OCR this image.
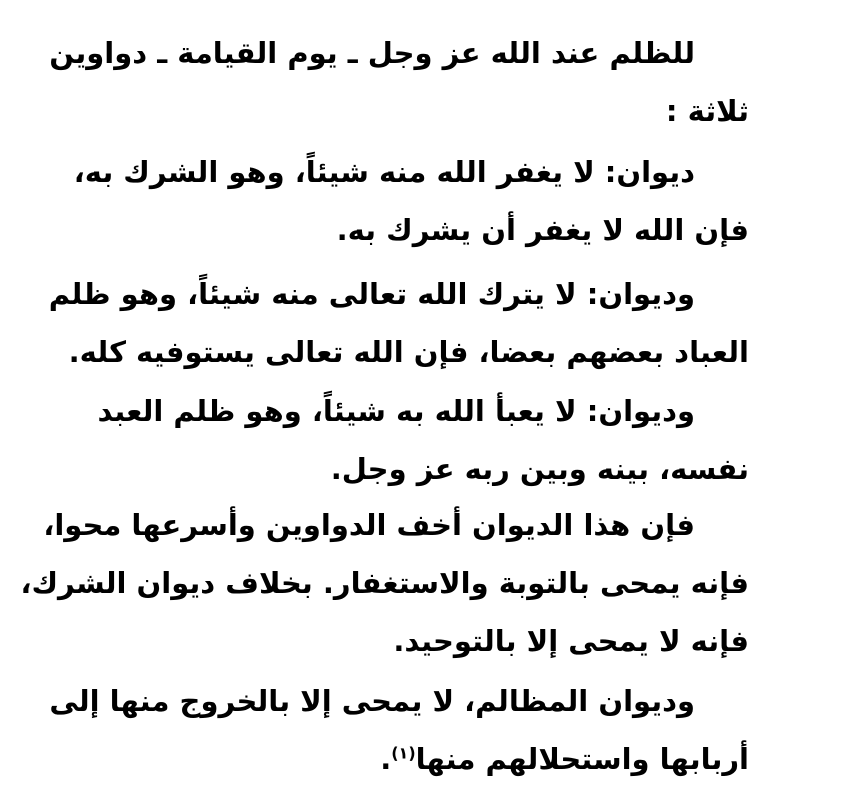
للظلم عند الله عز وجل ـ يوم القيامة ـ دواوين
ثلاثة :
ديوان: لا يغفر الله منه شيئاً، وهو الشرك به،
فإن الله لا يغفر أن يشرك به.
وديوان: لا يترك الله تعالى منه شيئاً، وهو ظلم
العباد بعضهم بعضا، فإن الله تعالى يستوفيه كله.
وديوان: لا يعبأ الله به شيئاً، وهو ظلم العبد
نفسه، بينه وبين ربه عز وجل.
فإن هذا الديوان أخف الدواوين وأسرعها محوا،
فإنه يمحى بالتوبة والاستغفار. بخلاف ديوان الشرك،
فإنه لا يمحى إلا بالتوحيد.
وديوان المظالم، لا يمحى إلا بالخروج منها إلى
أربابها واستحلالهم منها$^{(١)}$.
